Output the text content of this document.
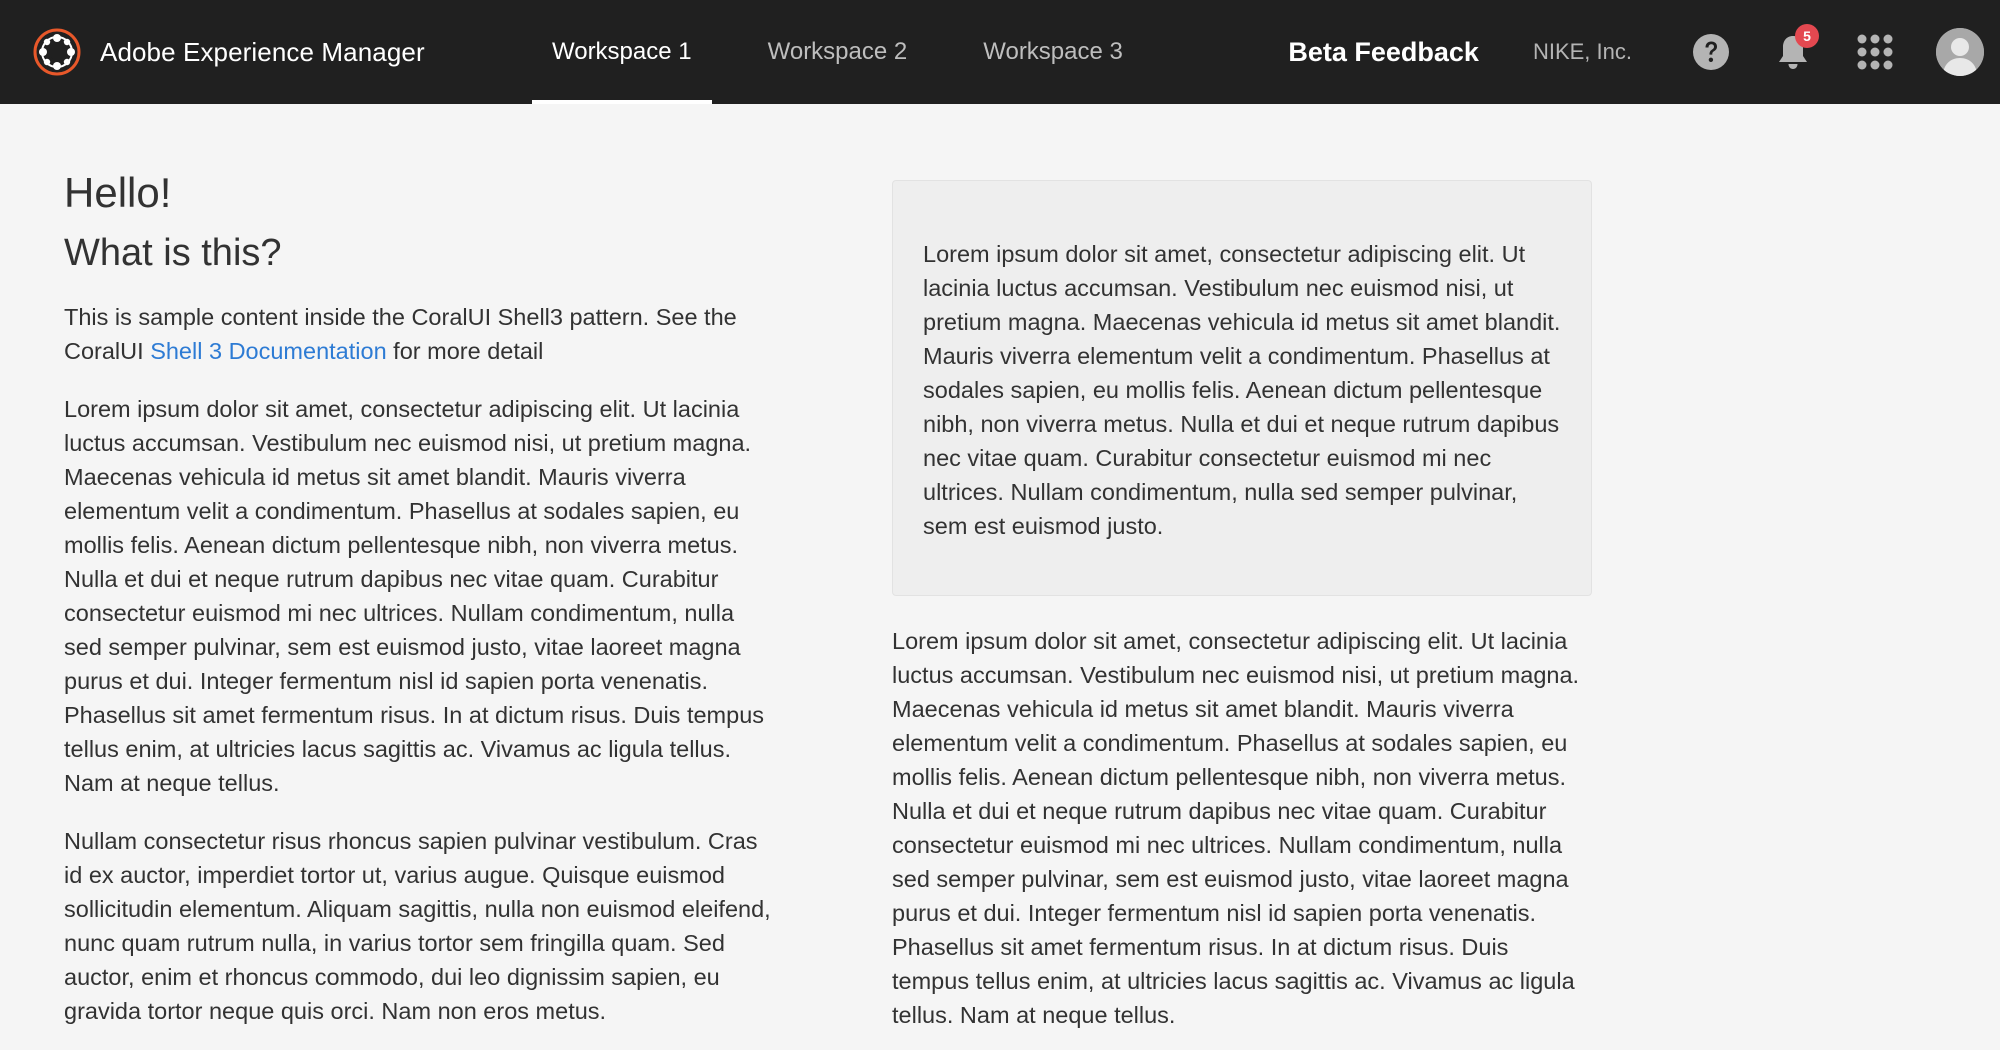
Adobe Experience Manager	Workspace 1	Workspace 2	Workspace 3	Beta Feedback NIKE, Inc.
5
Hello!
What is this?

This is sample content inside the CoralUI Shell3 pattern. See the CoralUI Shell 3 Documentation for more detail

Lorem ipsum dolor sit amet, consectetur adipiscing elit. Ut lacinia luctus accumsan. Vestibulum nec euismod nisi, ut pretium magna. Maecenas vehicula id metus sit amet blandit. Mauris viverra elementum velit a condimentum. Phasellus at sodales sapien, eu mollis felis. Aenean dictum pellentesque nibh, non viverra metus. Nulla et dui et neque rutrum dapibus nec vitae quam. Curabitur consectetur euismod mi nec ultrices. Nullam condimentum, nulla sed semper pulvinar, sem est euismod justo, vitae laoreet magna purus et dui. Integer fermentum nisl id sapien porta venenatis. Phasellus sit amet fermentum risus. In at dictum risus. Duis tempus tellus enim, at ultricies lacus sagittis ac. Vivamus ac ligula tellus. Nam at neque tellus.

Nullam consectetur risus rhoncus sapien pulvinar vestibulum. Cras id ex auctor, imperdiet tortor ut, varius augue. Quisque euismod sollicitudin elementum. Aliquam sagittis, nulla non euismod eleifend, nunc quam rutrum nulla, in varius tortor sem fringilla quam. Sed auctor, enim et rhoncus commodo, dui leo dignissim sapien, eu gravida tortor neque quis orci. Nam non eros metus.

Lorem ipsum dolor sit amet, consectetur adipiscing elit. Ut lacinia luctus accumsan. Vestibulum nec euismod nisi, ut pretium magna. Maecenas vehicula id metus sit amet blandit. Mauris viverra elementum velit a condimentum. Phasellus at sodales sapien, eu mollis felis. Aenean dictum pellentesque nibh, non viverra metus. Nulla et dui et neque rutrum dapibus nec vitae quam. Curabitur consectetur euismod mi nec ultrices. Nullam condimentum, nulla sed semper pulvinar, sem est euismod justo.

Lorem ipsum dolor sit amet, consectetur adipiscing elit. Ut lacinia luctus accumsan. Vestibulum nec euismod nisi, ut pretium magna. Maecenas vehicula id metus sit amet blandit. Mauris viverra elementum velit a condimentum. Phasellus at sodales sapien, eu mollis felis. Aenean dictum pellentesque nibh, non viverra metus. Nulla et dui et neque rutrum dapibus nec vitae quam. Curabitur consectetur euismod mi nec ultrices. Nullam condimentum, nulla sed semper pulvinar, sem est euismod justo, vitae laoreet magna purus et dui. Integer fermentum nisl id sapien porta venenatis. Phasellus sit amet fermentum risus. In at dictum risus. Duis tempus tellus enim, at ultricies lacus sagittis ac. Vivamus ac ligula tellus. Nam at neque tellus.
